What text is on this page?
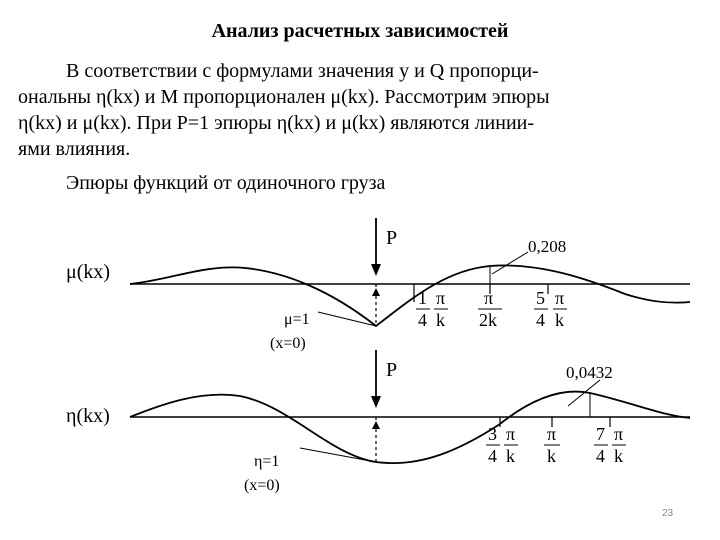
Анализ расчетных зависимостей
В соответствии с формулами значения у и Q пропорци-
ональны η(kx) и M пропорционален μ(kx). Рассмотрим эпюры
η(kx) и μ(kx). При P=1 эпюры η(kx) и μ(kx) являются линии-
ями влияния.
Эпюры функций от одиночного груза
μ(kx)
P	0,208
μ=1
(x=0)
1
4
π
k
π
2k
5
4
π
k
η(kx)
P	0,0432
η=1
(x=0)
3
4
π
k
π
k
7
4
π
k
23
